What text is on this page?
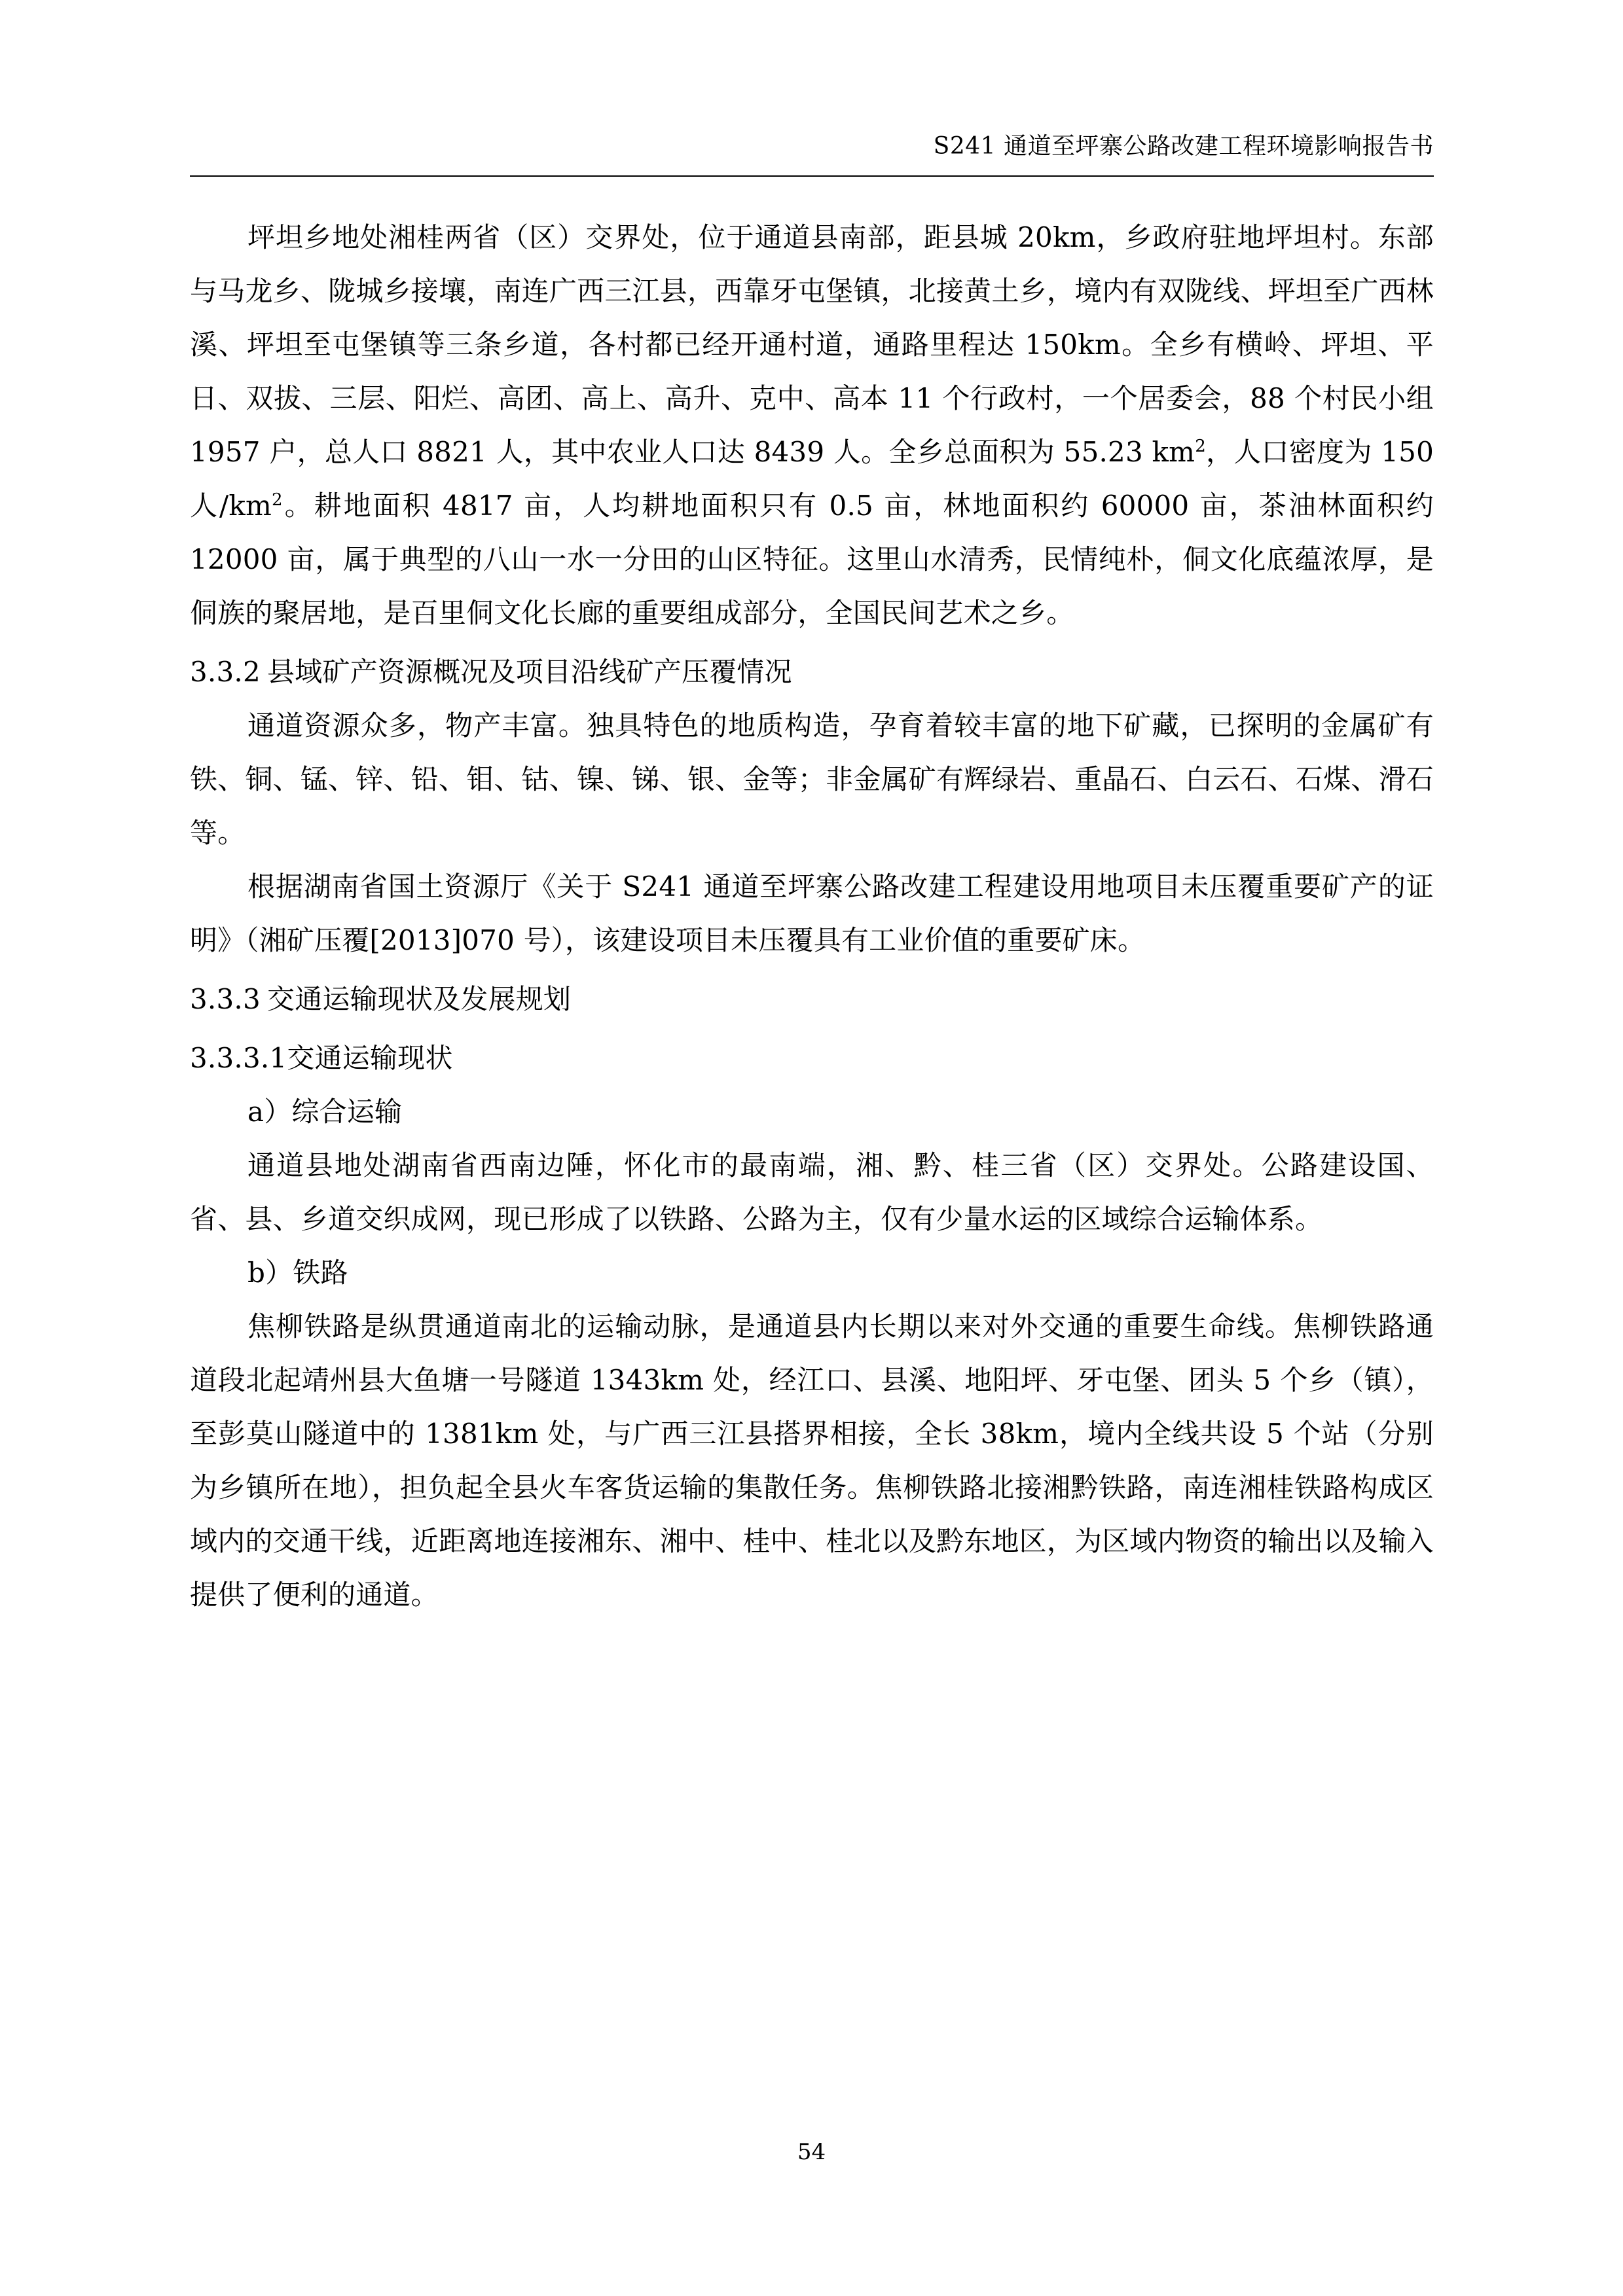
S241 通道至坪寨公路改建工程环境影响报告书

坪坦乡地处湘桂两省（区）交界处，位于通道县南部，距县城 20km，乡政府驻地坪坦村。东部与马龙乡、陇城乡接壤，南连广西三江县，西靠牙屯堡镇，北接黄土乡，境内有双陇线、坪坦至广西林溪、坪坦至屯堡镇等三条乡道，各村都已经开通村道，通路里程达 150km。全乡有横岭、坪坦、平日、双拔、三层、阳烂、高团、高上、高升、克中、高本 11 个行政村，一个居委会，88 个村民小组 1957 户，总人口 8821 人，其中农业人口达 8439 人。全乡总面积为 55.23 $km^2$，人口密度为 150 人$/km^2$。耕地面积 4817 亩，人均耕地面积只有 0.5 亩，林地面积约 60000 亩，茶油林面积约 12000 亩，属于典型的八山一水一分田的山区特征。这里山水清秀，民情纯朴，侗文化底蕴浓厚，是侗族的聚居地，是百里侗文化长廊的重要组成部分，全国民间艺术之乡。

3.3.2 县域矿产资源概况及项目沿线矿产压覆情况

通道资源众多，物产丰富。独具特色的地质构造，孕育着较丰富的地下矿藏，已探明的金属矿有铁、铜、锰、锌、铅、钼、钴、镍、锑、银、金等；非金属矿有辉绿岩、重晶石、白云石、石煤、滑石等。

根据湖南省国土资源厅《关于 S241 通道至坪寨公路改建工程建设用地项目未压覆重要矿产的证明》（湘矿压覆[2013]070 号），该建设项目未压覆具有工业价值的重要矿床。

3.3.3 交通运输现状及发展规划

3.3.3.1交通运输现状

a）综合运输

通道县地处湖南省西南边陲，怀化市的最南端，湘、黔、桂三省（区）交界处。公路建设国、省、县、乡道交织成网，现已形成了以铁路、公路为主，仅有少量水运的区域综合运输体系。

b）铁路

焦柳铁路是纵贯通道南北的运输动脉，是通道县内长期以来对外交通的重要生命线。焦柳铁路通道段北起靖州县大鱼塘一号隧道 1343km 处，经江口、县溪、地阳坪、牙屯堡、团头 5 个乡（镇），至彭莫山隧道中的 1381km 处，与广西三江县搭界相接，全长 38km，境内全线共设 5 个站（分别为乡镇所在地），担负起全县火车客货运输的集散任务。焦柳铁路北接湘黔铁路，南连湘桂铁路构成区域内的交通干线，近距离地连接湘东、湘中、桂中、桂北以及黔东地区，为区域内物资的输出以及输入提供了便利的通道。

54
